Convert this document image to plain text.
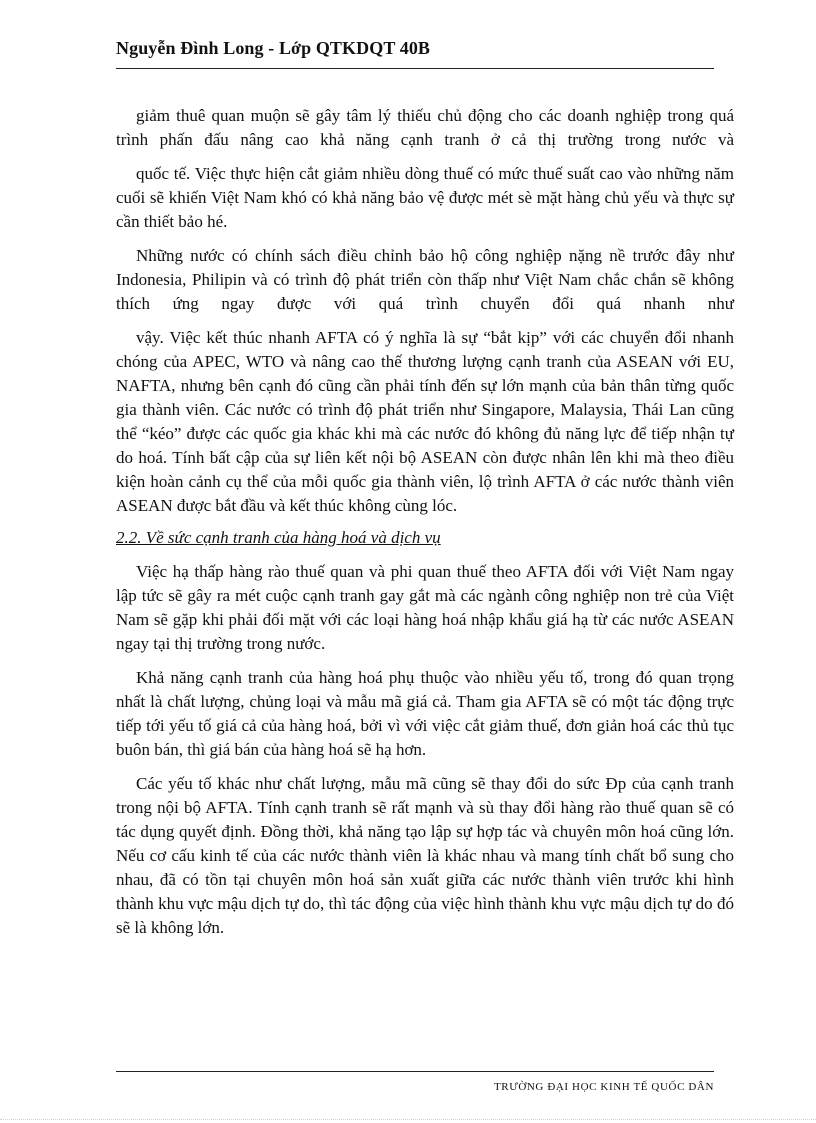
Nguyễn Đình Long - Lớp QTKDQT 40B

giảm thuê quan muộn sẽ gây tâm lý thiếu chủ động cho các doanh nghiệp trong quá trình phấn đấu nâng cao khả năng cạnh tranh ở cả thị trường trong nước và

quốc tế. Việc thực hiện cắt giảm nhiều dòng thuế có mức thuế suất cao vào những năm cuối sẽ khiến Việt Nam khó có khả năng bảo vệ được mét sè mặt hàng chủ yếu và thực sự cần thiết bảo hé.

Những nước có chính sách điều chỉnh bảo hộ công nghiệp nặng nề trước đây như Indonesia, Philipin và có trình độ phát triển còn thấp như Việt Nam chắc chắn sẽ không thích ứng ngay được với quá trình chuyển đổi quá nhanh như

vậy. Việc kết thúc nhanh AFTA có ý nghĩa là sự “bắt kịp” với các chuyển đổi nhanh chóng của APEC, WTO và nâng cao thế thương lượng cạnh tranh của ASEAN với EU, NAFTA, nhưng bên cạnh đó cũng cần phải tính đến sự lớn mạnh của bản thân từng quốc gia thành viên. Các nước có trình độ phát triển như Singapore, Malaysia, Thái Lan cũng thể “kéo” được các quốc gia khác khi mà các nước đó không đủ năng lực để tiếp nhận tự do hoá. Tính bất cập của sự liên kết nội bộ ASEAN còn được nhân lên khi mà theo điều kiện hoàn cảnh cụ thể của mỗi quốc gia thành viên, lộ trình AFTA ở các nước thành viên ASEAN được bắt đầu và kết thúc không cùng lóc.

2.2. Về sức cạnh tranh của hàng hoá và dịch vụ

Việc hạ thấp hàng rào thuế quan và phi quan thuế theo AFTA đối với Việt Nam ngay lập tức sẽ gây ra mét cuộc cạnh tranh gay gắt mà các ngành công nghiệp non trẻ của Việt Nam sẽ gặp khi phải đối mặt với các loại hàng hoá nhập khẩu giá hạ từ các nước ASEAN ngay tại thị trường trong nước.

Khả năng cạnh tranh của hàng hoá phụ thuộc vào nhiều yếu tố, trong đó quan trọng nhất là chất lượng, chủng loại và mẫu mã giá cả. Tham gia AFTA sẽ có một tác động trực tiếp tới yếu tố giá cả của hàng hoá, bởi vì với việc cắt giảm thuế, đơn giản hoá các thủ tục buôn bán, thì giá bán của hàng hoá sẽ hạ hơn.

Các yếu tố khác như chất lượng, mẫu mã cũng sẽ thay đổi do sức Đp của cạnh tranh trong nội bộ AFTA. Tính cạnh tranh sẽ rất mạnh và sù thay đổi hàng rào thuế quan sẽ có tác dụng quyết định. Đồng thời, khả năng tạo lập sự hợp tác và chuyên môn hoá cũng lớn. Nếu cơ cấu kinh tế của các nước thành viên là khác nhau và mang tính chất bổ sung cho nhau, đã có tồn tại chuyên môn hoá sản xuất giữa các nước thành viên trước khi hình thành khu vực mậu dịch tự do, thì tác động của việc hình thành khu vực mậu dịch tự do đó sẽ là không lớn.

TRƯỜNG ĐẠI HỌC KINH TẾ QUỐC DÂN
